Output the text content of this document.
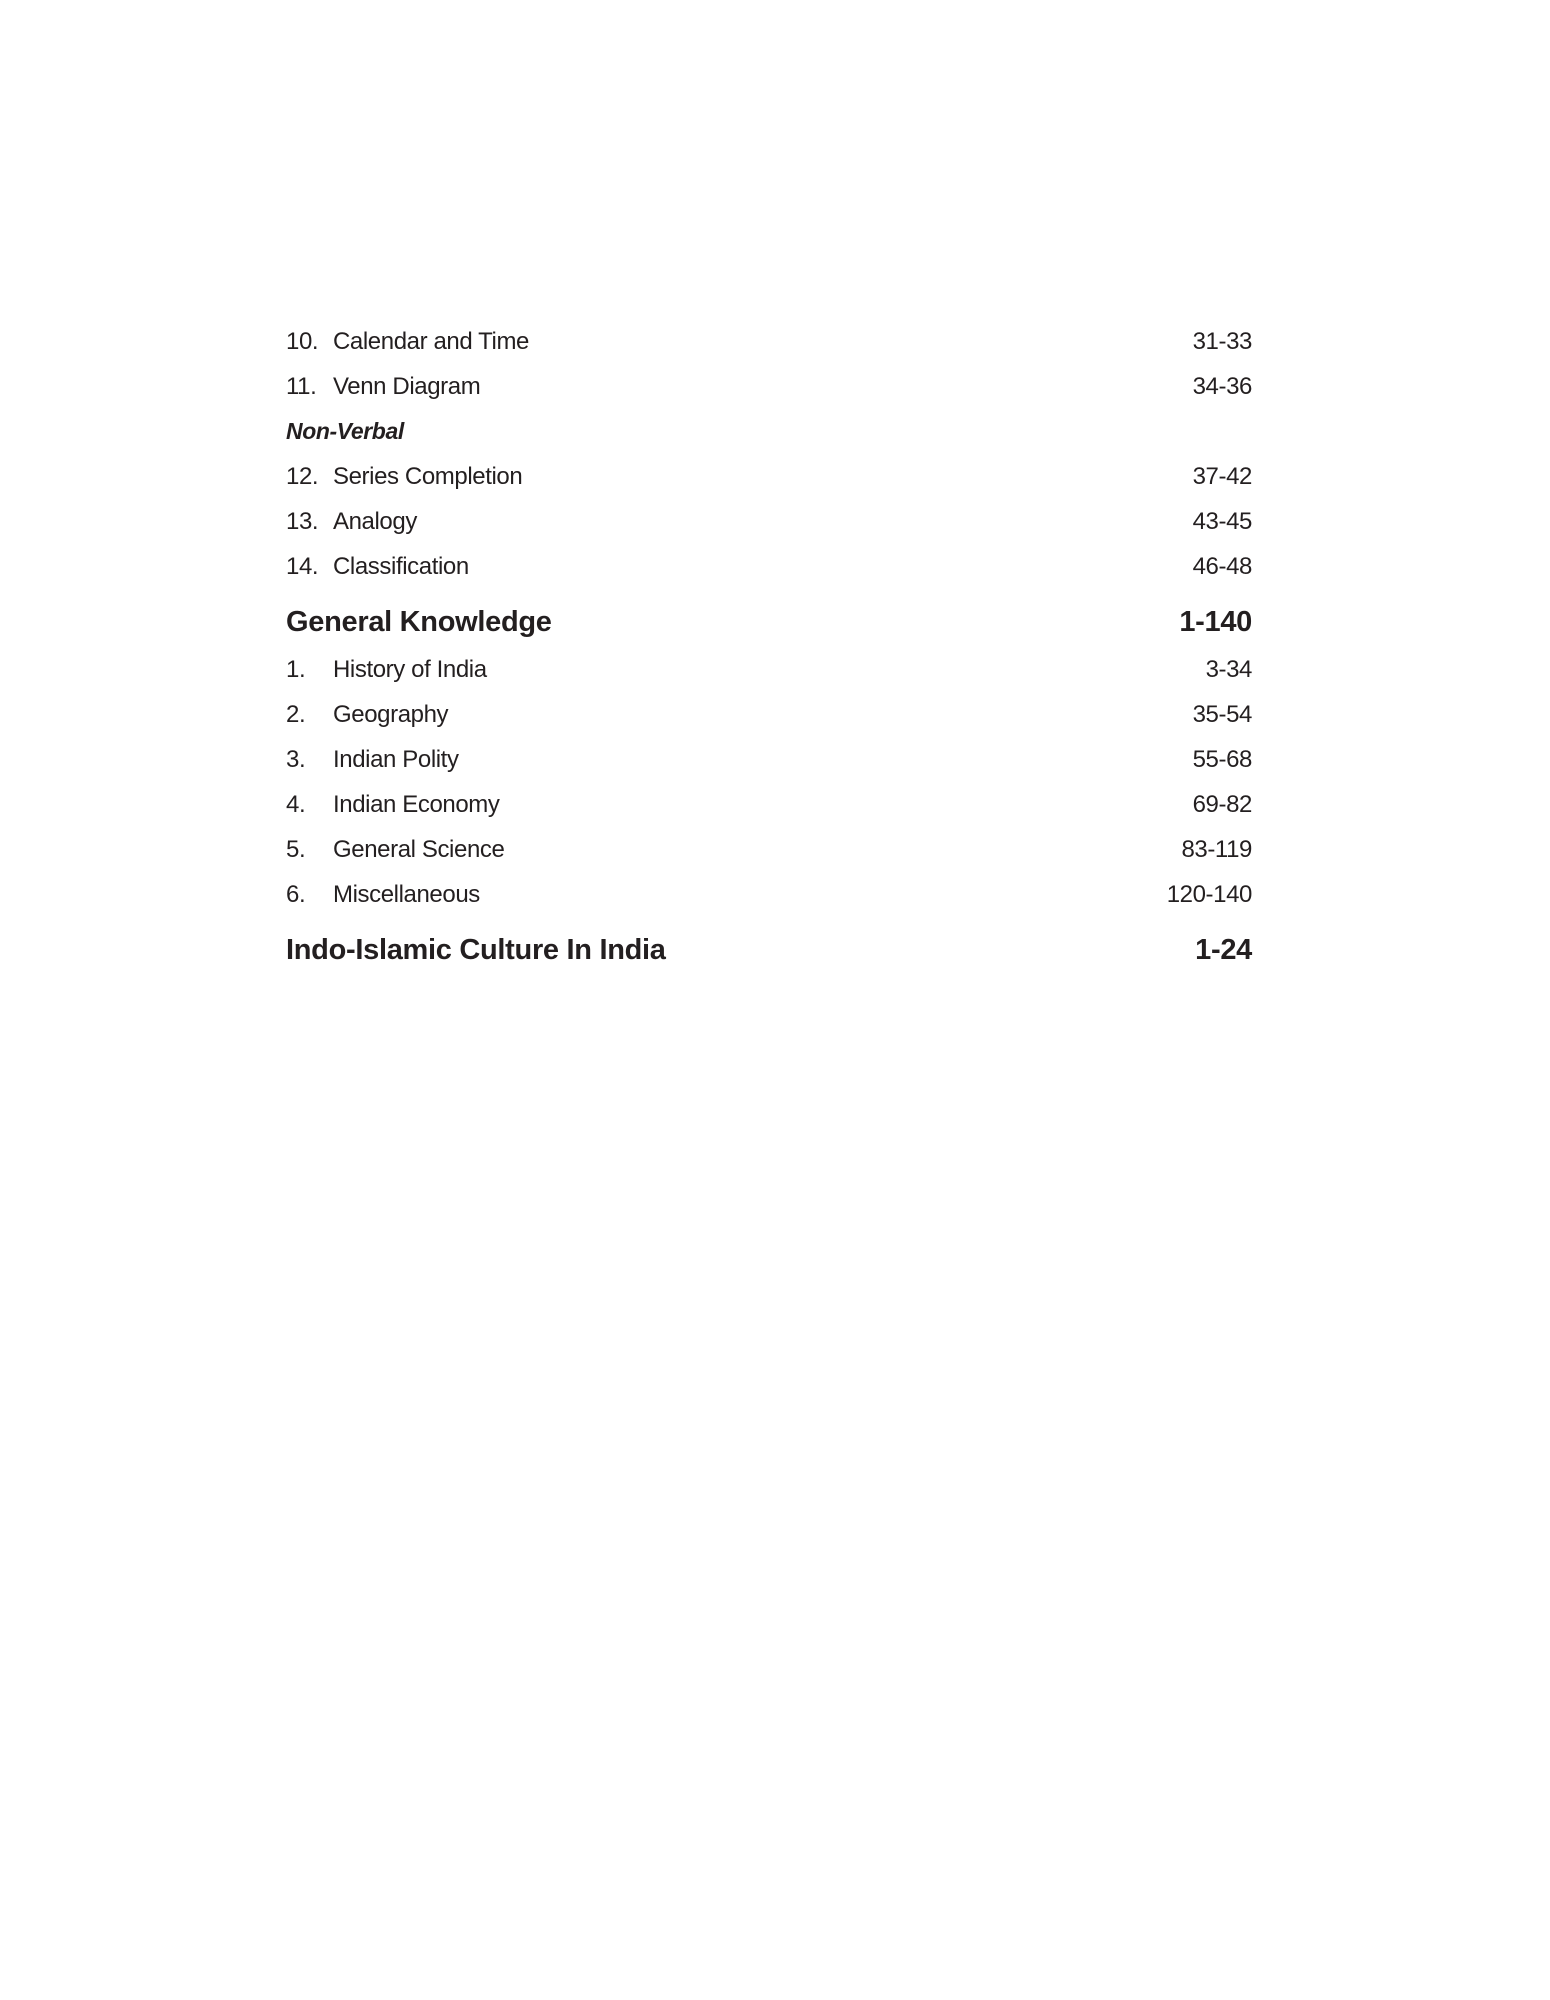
10. Calendar and Time	31-33
11. Venn Diagram	34-36
Non-Verbal
12. Series Completion	37-42
13. Analogy	43-45
14. Classification	46-48
General Knowledge	1-140
1.	History of India	3-34
2.	Geography	35-54
3.	Indian Polity	55-68
4.	Indian Economy	69-82
5.	General Science	83-119
6.	Miscellaneous	120-140
Indo-Islamic Culture In India	1-24
